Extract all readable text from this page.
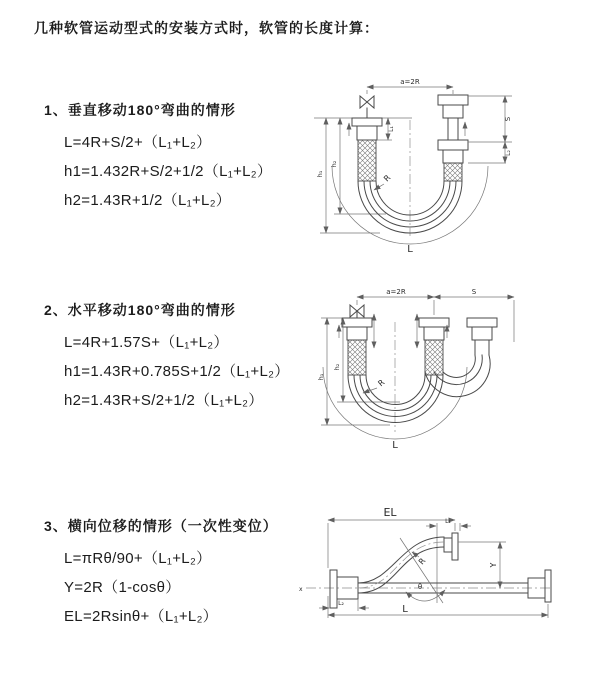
几种软管运动型式的安装方式时，软管的长度计算：

1、垂直移动180°弯曲的情形

L=4R+S/2+（L₁+L₂）
h1=1.432R+S/2+1/2（L₁+L₂）
h2=1.43R+1/2（L₁+L₂）

2、水平移动180°弯曲的情形

L=4R+1.57S+（L₁+L₂）
h1=1.43R+0.785S+1/2（L₁+L₂）
h2=1.43R+S/2+1/2（L₁+L₂）

3、横向位移的情形（一次性变位）

L=πRθ/90+（L₁+L₂）
Y=2R（1-cosθ）
EL=2Rsinθ+（L₁+L₂）
a=2R
L₁
S
L₂
h₁
h₂
R
L
a=2R	S
h₁
h₂
R
L
EL
L₁
x
Y
R
θ
L₂
L
